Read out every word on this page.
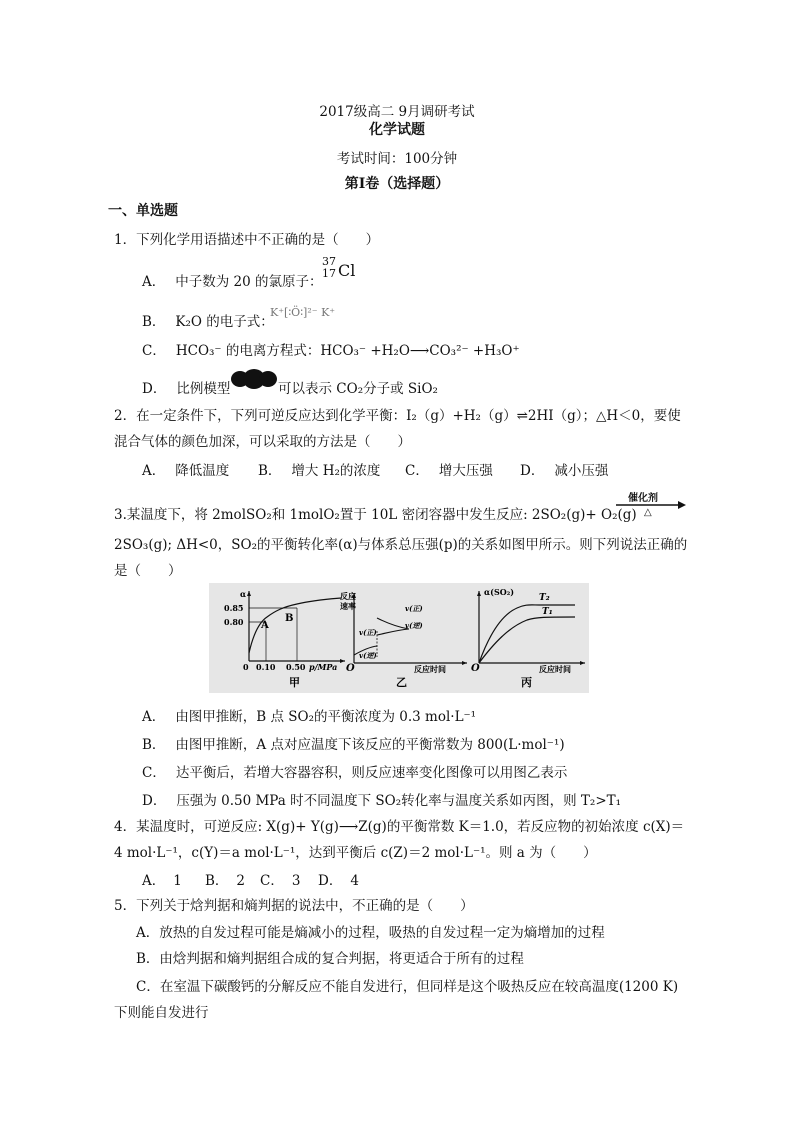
2017级高二 9月调研考试
化学试题
考试时间：100分钟
第I卷（选择题）
一、单选题
1．下列化学用语描述中不正确的是（　　）
A． 中子数为 20 的氯原子：
37
17 Cl
B． K₂O 的电子式：
K⁺[∶Ö∶]²⁻ K⁺
C． HCO₃⁻ 的电离方程式：HCO₃⁻ +H₂O⟶CO₃²⁻ +H₃O⁺
D． 比例模型	可以表示 CO₂分子或 SiO₂
2．在一定条件下，下列可逆反应达到化学平衡：I₂（g）+H₂（g）⇌2HI（g）；△H＜0，要使
混合气体的颜色加深，可以采取的方法是（　　）
A． 降低温度 B． 增大 H₂的浓度 C． 增大压强 D． 减小压强
3.某温度下，将 2molSO₂和 1molO₂置于 10L 密闭容器中发生反应: 2SO₂(g)+ O₂(g)
催化剂
△
2SO₃(g); ΔH<0，SO₂的平衡转化率(α)与体系总压强(p)的关系如图甲所示。则下列说法正确的
是（　　）
α
0.85
0.80 A
B
0 0.10 0.50 p/MPa
甲
反应
速率	v(正)
v(逆)
v(正)
v(逆)
O	反应时间
乙
α(SO₂)
T₂
T₁
O	反应时间
丙
A． 由图甲推断，B 点 SO₂的平衡浓度为 0.3 mol·L⁻¹
B． 由图甲推断，A 点对应温度下该反应的平衡常数为 800(L·mol⁻¹)
C． 达平衡后，若增大容器容积，则反应速率变化图像可以用图乙表示
D． 压强为 0.50 MPa 时不同温度下 SO₂转化率与温度关系如丙图，则 T₂>T₁
4．某温度时，可逆反应: X(g)+ Y(g)⟶Z(g)的平衡常数 K＝1.0，若反应物的初始浓度 c(X)＝
4 mol·L⁻¹，c(Y)＝a mol·L⁻¹，达到平衡后 c(Z)＝2 mol·L⁻¹。则 a 为（　　）
A． 1 B． 2 C． 3 D． 4
5．下列关于焓判据和熵判据的说法中，不正确的是（　　）
A．放热的自发过程可能是熵减小的过程，吸热的自发过程一定为熵增加的过程
B．由焓判据和熵判据组合成的复合判据，将更适合于所有的过程
C．在室温下碳酸钙的分解反应不能自发进行，但同样是这个吸热反应在较高温度(1200 K)
下则能自发进行
